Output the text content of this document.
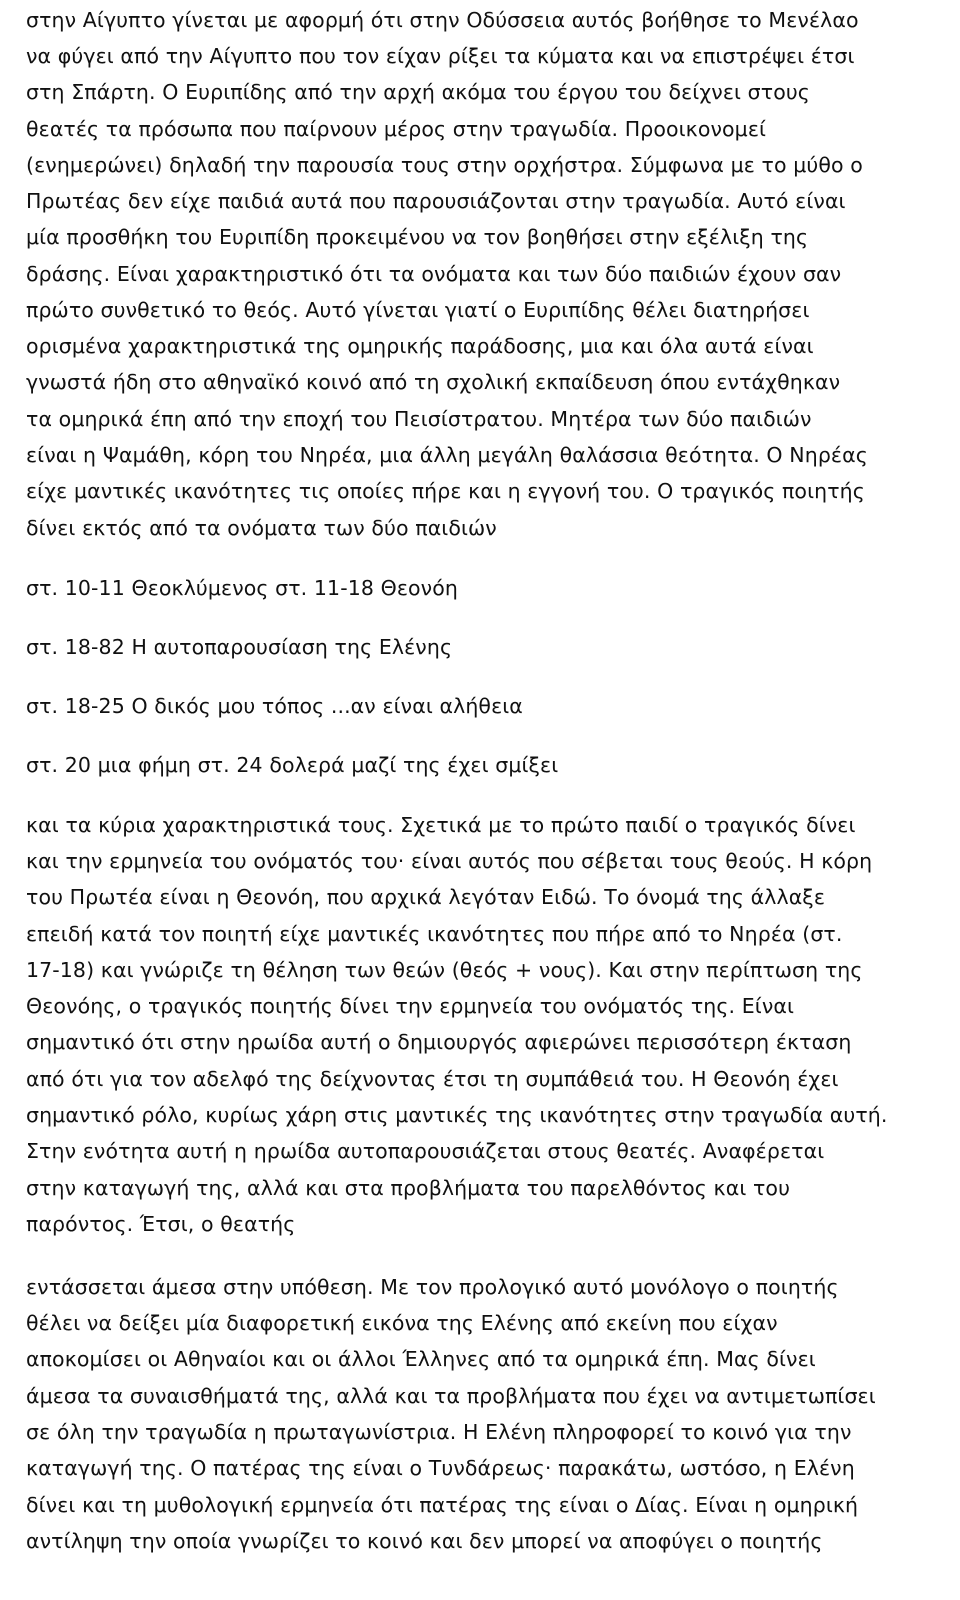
στην Αίγυπτο γίνεται με αφορμή ότι στην Οδύσσεια αυτός βοήθησε το Μενέλαο
να φύγει από την Αίγυπτο που τον είχαν ρίξει τα κύματα και να επιστρέψει έτσι
στη Σπάρτη. Ο Ευριπίδης από την αρχή ακόμα του έργου του δείχνει στους
θεατές τα πρόσωπα που παίρνουν μέρος στην τραγωδία. Προοικονομεί
(ενημερώνει) δηλαδή την παρουσία τους στην ορχήστρα. Σύμφωνα με το μύθο ο
Πρωτέας δεν είχε παιδιά αυτά που παρουσιάζονται στην τραγωδία. Αυτό είναι
μία προσθήκη του Ευριπίδη προκειμένου να τον βοηθήσει στην εξέλιξη της
δράσης. Είναι χαρακτηριστικό ότι τα ονόματα και των δύο παιδιών έχουν σαν
πρώτο συνθετικό το θεός. Αυτό γίνεται γιατί ο Ευριπίδης θέλει διατηρήσει
ορισμένα χαρακτηριστικά της ομηρικής παράδοσης, μια και όλα αυτά είναι
γνωστά ήδη στο αθηναϊκό κοινό από τη σχολική εκπαίδευση όπου εντάχθηκαν
τα ομηρικά έπη από την εποχή του Πεισίστρατου. Μητέρα των δύο παιδιών
είναι η Ψαμάθη, κόρη του Νηρέα, μια άλλη μεγάλη θαλάσσια θεότητα. Ο Νηρέας
είχε μαντικές ικανότητες τις οποίες πήρε και η εγγονή του. Ο τραγικός ποιητής
δίνει εκτός από τα ονόματα των δύο παιδιών
στ. 10-11 Θεοκλύμενος στ. 11-18 Θεονόη
στ. 18-82 Η αυτοπαρουσίαση της Ελένης
στ. 18-25 Ο δικός μου τόπος ...αν είναι αλήθεια
στ. 20 μια φήμη στ. 24 δολερά μαζί της έχει σμίξει
και τα κύρια χαρακτηριστικά τους. Σχετικά με το πρώτο παιδί ο τραγικός δίνει
και την ερμηνεία του ονόματός του· είναι αυτός που σέβεται τους θεούς. Η κόρη
του Πρωτέα είναι η Θεονόη, που αρχικά λεγόταν Ειδώ. Το όνομά της άλλαξε
επειδή κατά τον ποιητή είχε μαντικές ικανότητες που πήρε από το Νηρέα (στ.
17-18) και γνώριζε τη θέληση των θεών (θεός + νους). Και στην περίπτωση της
Θεονόης, ο τραγικός ποιητής δίνει την ερμηνεία του ονόματός της. Είναι
σημαντικό ότι στην ηρωίδα αυτή ο δημιουργός αφιερώνει περισσότερη έκταση
από ότι για τον αδελφό της δείχνοντας έτσι τη συμπάθειά του. Η Θεονόη έχει
σημαντικό ρόλο, κυρίως χάρη στις μαντικές της ικανότητες στην τραγωδία αυτή.
Στην ενότητα αυτή η ηρωίδα αυτοπαρουσιάζεται στους θεατές. Αναφέρεται
στην καταγωγή της, αλλά και στα προβλήματα του παρελθόντος και του
παρόντος. Έτσι, ο θεατής
εντάσσεται άμεσα στην υπόθεση. Με τον προλογικό αυτό μονόλογο ο ποιητής
θέλει να δείξει μία διαφορετική εικόνα της Ελένης από εκείνη που είχαν
αποκομίσει οι Αθηναίοι και οι άλλοι Έλληνες από τα ομηρικά έπη. Μας δίνει
άμεσα τα συναισθήματά της, αλλά και τα προβλήματα που έχει να αντιμετωπίσει
σε όλη την τραγωδία η πρωταγωνίστρια. Η Ελένη πληροφορεί το κοινό για την
καταγωγή της. Ο πατέρας της είναι ο Τυνδάρεως· παρακάτω, ωστόσο, η Ελένη
δίνει και τη μυθολογική ερμηνεία ότι πατέρας της είναι ο Δίας. Είναι η ομηρική
αντίληψη την οποία γνωρίζει το κοινό και δεν μπορεί να αποφύγει ο ποιητής
